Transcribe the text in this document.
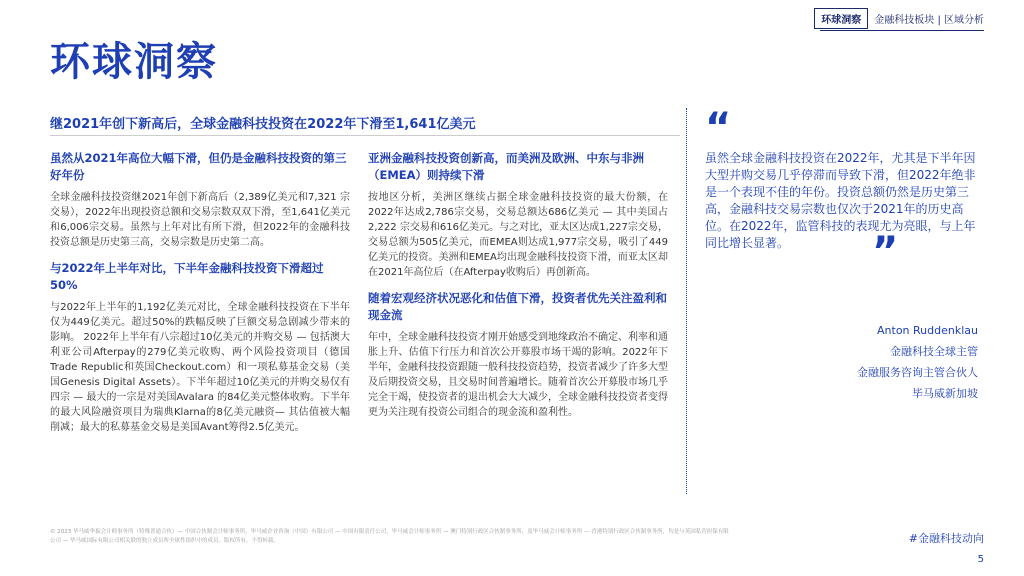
环球洞察	金融科技板块 | 区域分析
环球洞察
继2021年创下新高后，全球金融科技投资在2022年下滑至1,641亿美元
虽然从2021年高位大幅下滑，但仍是金融科技投资的第三好年份

全球金融科技投资继2021年创下新高后（2,389亿美元和7,321 宗交易），2022年出现投资总额和交易宗数双双下滑，至1,641亿美元和6,006宗交易。虽然与上年对比有所下滑，但2022年的金融科技投资总额是历史第三高，交易宗数是历史第二高。

与2022年上半年对比，下半年金融科技投资下滑超过50%

与2022年上半年的1,192亿美元对比，全球金融科技投资在下半年仅为449亿美元。超过50%的跌幅反映了巨额交易急剧减少带来的影响。 2022年上半年有八宗超过10亿美元的并购交易 — 包括澳大利亚公司Afterpay的279亿美元收购、两个风险投资项目（德国Trade Republic和英国Checkout.com）和一项私募基金交易（美国Genesis Digital Assets）。下半年超过10亿美元的并购交易仅有四宗 — 最大的一宗是对美国Avalara 的84亿美元整体收购。下半年的最大风险融资项目为瑞典Klarna的8亿美元融资— 其估值被大幅削减；最大的私募基金交易是美国Avant筹得2.5亿美元。

亚洲金融科技投资创新高，而美洲及欧洲、中东与非洲（EMEA）则持续下滑

按地区分析，美洲区继续占据全球金融科技投资的最大份额，在2022年达成2,786宗交易，交易总额达686亿美元 — 其中美国占2,222 宗交易和616亿美元。与之对比，亚太区达成1,227宗交易，交易总额为505亿美元，而EMEA则达成1,977宗交易，吸引了449亿美元的投资。美洲和EMEA均出现金融科技投资下滑，而亚太区却在2021年高位后（在Afterpay收购后）再创新高。

随着宏观经济状况恶化和估值下滑，投资者优先关注盈利和现金流

年中，全球金融科技投资才刚开始感受到地缘政治不确定、利率和通胀上升、估值下行压力和首次公开募股市场干竭的影响。2022年下半年，金融科技投资跟随一般科技投资趋势，投资者减少了许多大型及后期投资交易，且交易时间普遍增长。随着首次公开募股市场几乎完全干竭，使投资者的退出机会大大减少，全球金融科技投资者变得更为关注现有投资公司组合的现金流和盈利性。

“
虽然全球金融科技投资在2022年，尤其是下半年因大型并购交易几乎停滞而导致下滑，但2022年绝非是一个表现不佳的年份。投资总额仍然是历史第三高，金融科技交易宗数也仅次于2021年的历史高位。在2022年，监管科技的表现尤为亮眼，与上年同比增长显著。	”
Anton Ruddenklau
金融科技全球主管
金融服务咨询主管合伙人
毕马威新加坡
© 2023 毕马威华振会计师事务所（特殊普通合伙）— 中国合伙制会计师事务所，毕马威企业咨询（中国）有限公司 — 中国有限责任公司，毕马威会计师事务所 — 澳门特别行政区合伙制事务所，及毕马威会计师事务所 — 香港特别行政区合伙制事务所，均是与英国私营担保有限公司 — 毕马威国际有限公司相关联的独立成员所全球性组织中的成员。版权所有，不得转载。	#金融科技动向
5
